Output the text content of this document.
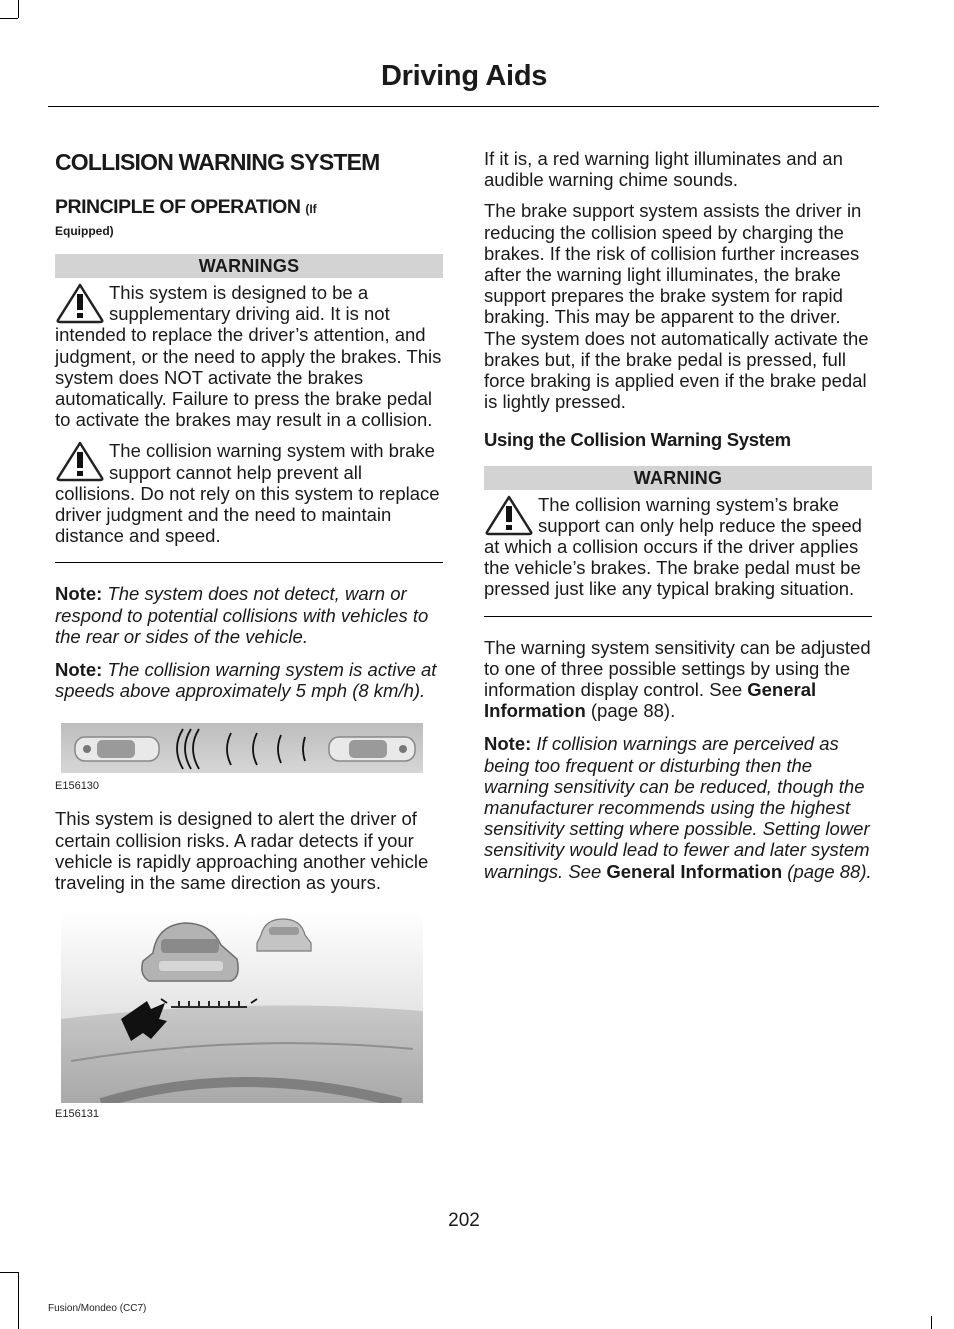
Driving Aids
COLLISION WARNING SYSTEM
PRINCIPLE OF OPERATION (If
Equipped)
WARNINGS

This system is designed to be a supplementary driving aid. It is not intended to replace the driver’s attention, and judgment, or the need to apply the brakes. This system does NOT activate the brakes automatically. Failure to press the brake pedal to activate the brakes may result in a collision.

The collision warning system with brake support cannot help prevent all collisions. Do not rely on this system to replace driver judgment and the need to maintain distance and speed.

Note: The system does not detect, warn or respond to potential collisions with vehicles to the rear or sides of the vehicle.

Note: The collision warning system is active at speeds above approximately 5 mph (8 km/h).

E156130

This system is designed to alert the driver of certain collision risks. A radar detects if your vehicle is rapidly approaching another vehicle traveling in the same direction as yours.

E156131

If it is, a red warning light illuminates and an audible warning chime sounds.

The brake support system assists the driver in reducing the collision speed by charging the brakes. If the risk of collision further increases after the warning light illuminates, the brake support prepares the brake system for rapid braking. This may be apparent to the driver. The system does not automatically activate the brakes but, if the brake pedal is pressed, full force braking is applied even if the brake pedal is lightly pressed.

Using the Collision Warning System

WARNING

The collision warning system’s brake support can only help reduce the speed at which a collision occurs if the driver applies the vehicle’s brakes. The brake pedal must be pressed just like any typical braking situation.

The warning system sensitivity can be adjusted to one of three possible settings by using the information display control. See General Information (page 88).

Note: If collision warnings are perceived as being too frequent or disturbing then the warning sensitivity can be reduced, though the manufacturer recommends using the highest sensitivity setting where possible. Setting lower sensitivity would lead to fewer and later system warnings. See General Information (page 88).

202
Fusion/Mondeo (CC7)
